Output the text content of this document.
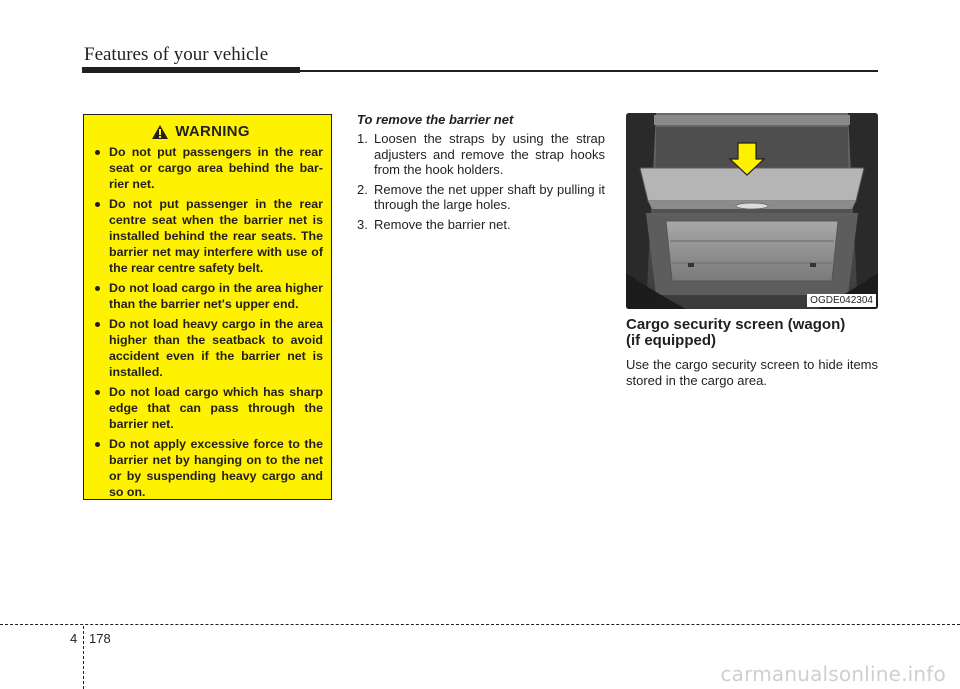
Features of your vehicle
WARNING
Do not put passengers in the rear seat or cargo area behind the bar-rier net.
Do not put passenger in the rear centre seat when the barrier net is installed behind the rear seats. The barrier net may interfere with use of the rear centre safety belt.
Do not load cargo in the area higher than the barrier net's upper end.
Do not load heavy cargo in the area higher than the seatback to avoid accident even if the barrier net is installed.
Do not load cargo which has sharp edge that can pass through the barrier net.
Do not apply excessive force to the barrier net by hanging on to the net or by suspending heavy cargo and so on.
To remove the barrier net
1. Loosen the straps by using the strap adjusters and remove the strap hooks from the hook holders.
2. Remove the net upper shaft by pulling it through the large holes.
3. Remove the barrier net.
OGDE042304
Cargo security screen (wagon)
(if equipped)
Use the cargo security screen to hide items stored in the cargo area.
4 178
carmanualsonline.info
